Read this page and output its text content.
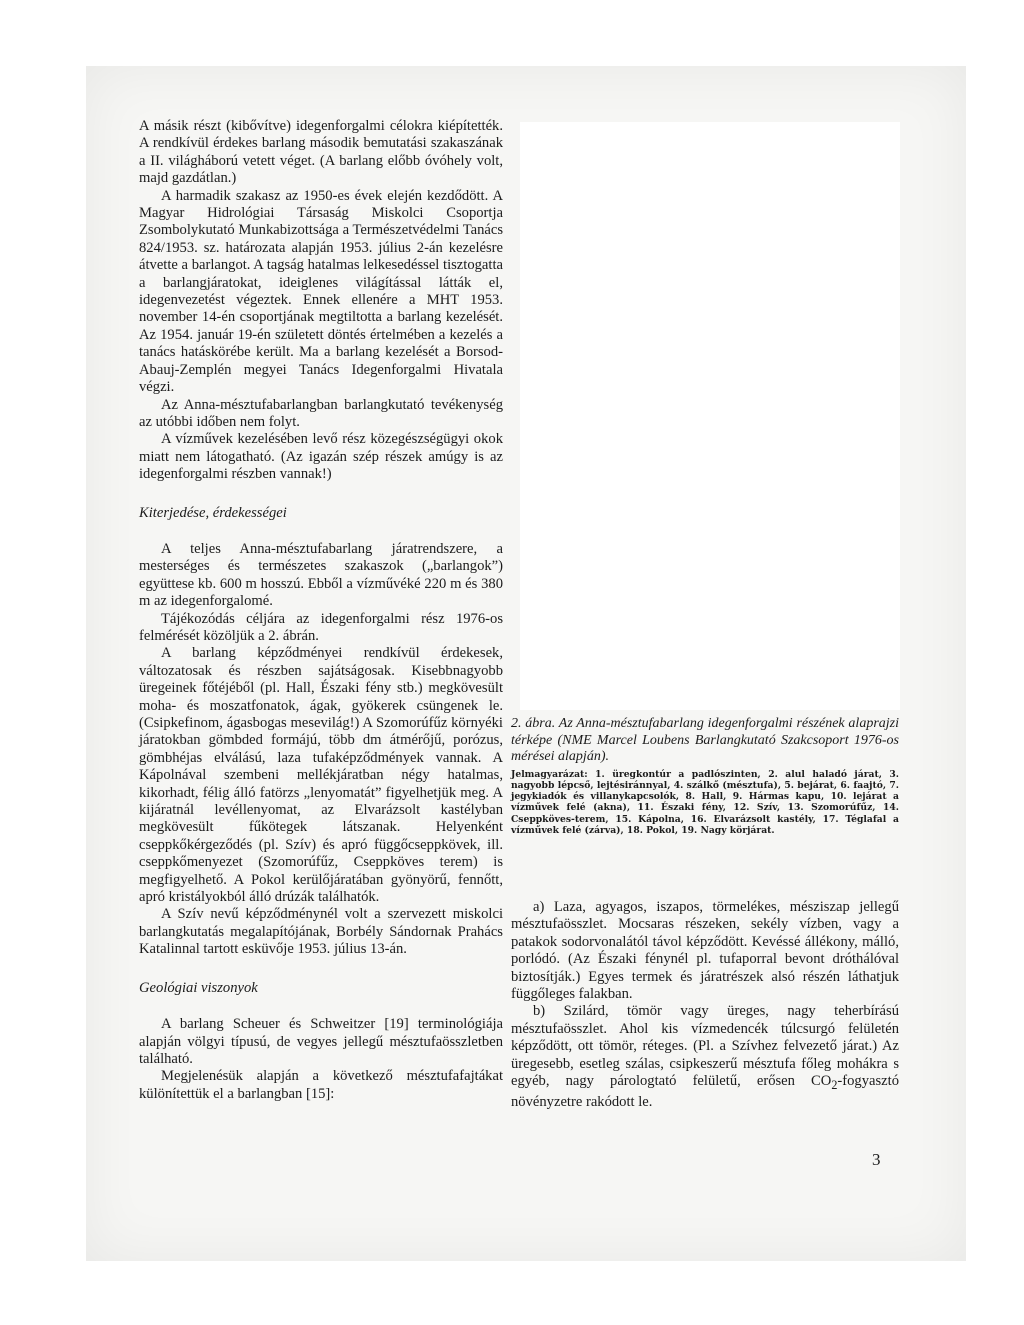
A másik részt (kibővítve) idegenforgalmi célokra kiépítették. A rendkívül érdekes barlang második bemutatási szakaszának a II. világháború vetett véget. (A barlang előbb óvóhely volt, majd gazdátlan.)

A harmadik szakasz az 1950-es évek elején kezdődött. A Magyar Hidrológiai Társaság Miskolci Csoportja Zsombolykutató Munkabizottsága a Természetvédelmi Tanács 824/1953. sz. határozata alapján 1953. július 2-án kezelésre átvette a barlangot. A tagság hatalmas lelkesedéssel tisztogatta a barlangjáratokat, ideiglenes világítással látták el, idegenvezetést végeztek. Ennek ellenére a MHT 1953. november 14-én csoportjának megtiltotta a barlang kezelését. Az 1954. január 19-én született döntés értelmében a kezelés a tanács hatáskörébe került. Ma a barlang kezelését a Borsod-Abauj-Zemplén megyei Tanács Idegenforgalmi Hivatala végzi.

Az Anna-mésztufabarlangban barlangkutató tevékenység az utóbbi időben nem folyt.

A vízművek kezelésében levő rész közegészségügyi okok miatt nem látogatható. (Az igazán szép részek amúgy is az idegenforgalmi részben vannak!)

Kiterjedése, érdekességei

A teljes Anna-mésztufabarlang járatrendszere, a mesterséges és természetes szakaszok („barlangok”) együttese kb. 600 m hosszú. Ebből a vízművéké 220 m és 380 m az idegenforgalomé.

Tájékozódás céljára az idegenforgalmi rész 1976-os felmérését közöljük a 2. ábrán.

A barlang képződményei rendkívül érdekesek, változatosak és részben sajátságosak. Kisebbnagyobb üregeinek főtéjéből (pl. Hall, Északi fény stb.) megkövesült moha- és moszatfonatok, ágak, gyökerek csüngenek le. (Csipkefinom, ágasbogas mesevilág!) A Szomorúfűz környéki járatokban gömbded formájú, több dm átmérőjű, porózus, gömbhéjas elválású, laza tufaképződmények vannak. A Kápolnával szembeni mellékjáratban négy hatalmas, kikorhadt, félig álló fatörzs „lenyomatát” figyelhetjük meg. A kijáratnál levéllenyomat, az Elvarázsolt kastélyban megkövesült fűkötegek látszanak. Helyenként cseppkőkérgeződés (pl. Szív) és apró függőcseppkövek, ill. cseppkőmenyezet (Szomorúfűz, Cseppköves terem) is megfigyelhető. A Pokol kerülőjáratában gyönyörű, fennőtt, apró kristályokból álló drúzák találhatók.

A Szív nevű képződménynél volt a szervezett miskolci barlangkutatás megalapítójának, Borbély Sándornak Prahács Katalinnal tartott esküvője 1953. július 13-án.

Geológiai viszonyok

A barlang Scheuer és Schweitzer [19] terminológiája alapján völgyi típusú, de vegyes jellegű mésztufaösszletben található.

Megjelenésük alapján a következő mésztufafajtákat különítettük el a barlangban [15]:

2. ábra. Az Anna-mésztufabarlang idegenforgalmi részének alaprajzi térképe (NME Marcel Loubens Barlangkutató Szakcsoport 1976-os mérései alapján).

Jelmagyarázat: 1. üregkontúr a padlószinten, 2. alul haladó járat, 3. nagyobb lépcső, lejtésiránnyal, 4. szálkő (mésztufa), 5. bejárat, 6. faajtó, 7. jegykiadók és villanykapcsolók, 8. Hall, 9. Hármas kapu, 10. lejárat a vízművek felé (akna), 11. Északi fény, 12. Szív, 13. Szomorúfűz, 14. Cseppköves-terem, 15. Kápolna, 16. Elvarázsolt kastély, 17. Téglafal a vízművek felé (zárva), 18. Pokol, 19. Nagy körjárat.

a) Laza, agyagos, iszapos, törmelékes, mésziszap jellegű mésztufaösszlet. Mocsaras részeken, sekély vízben, vagy a patakok sodorvonalától távol képződött. Kevéssé állékony, málló, porlódó. (Az Északi fénynél pl. tufaporral bevont dróthálóval biztosítják.) Egyes termek és járatrészek alsó részén láthatjuk függőleges falakban.

b) Szilárd, tömör vagy üreges, nagy teherbírású mésztufaösszlet. Ahol kis vízmedencék túlcsurgó felületén képződött, ott tömör, réteges. (Pl. a Szívhez felvezető járat.) Az üregesebb, esetleg szálas, csipkeszerű mésztufa főleg mohákra s egyéb, nagy párologtató felületű, erősen $CO_2$-fogyasztó növényzetre rakódott le.

3
